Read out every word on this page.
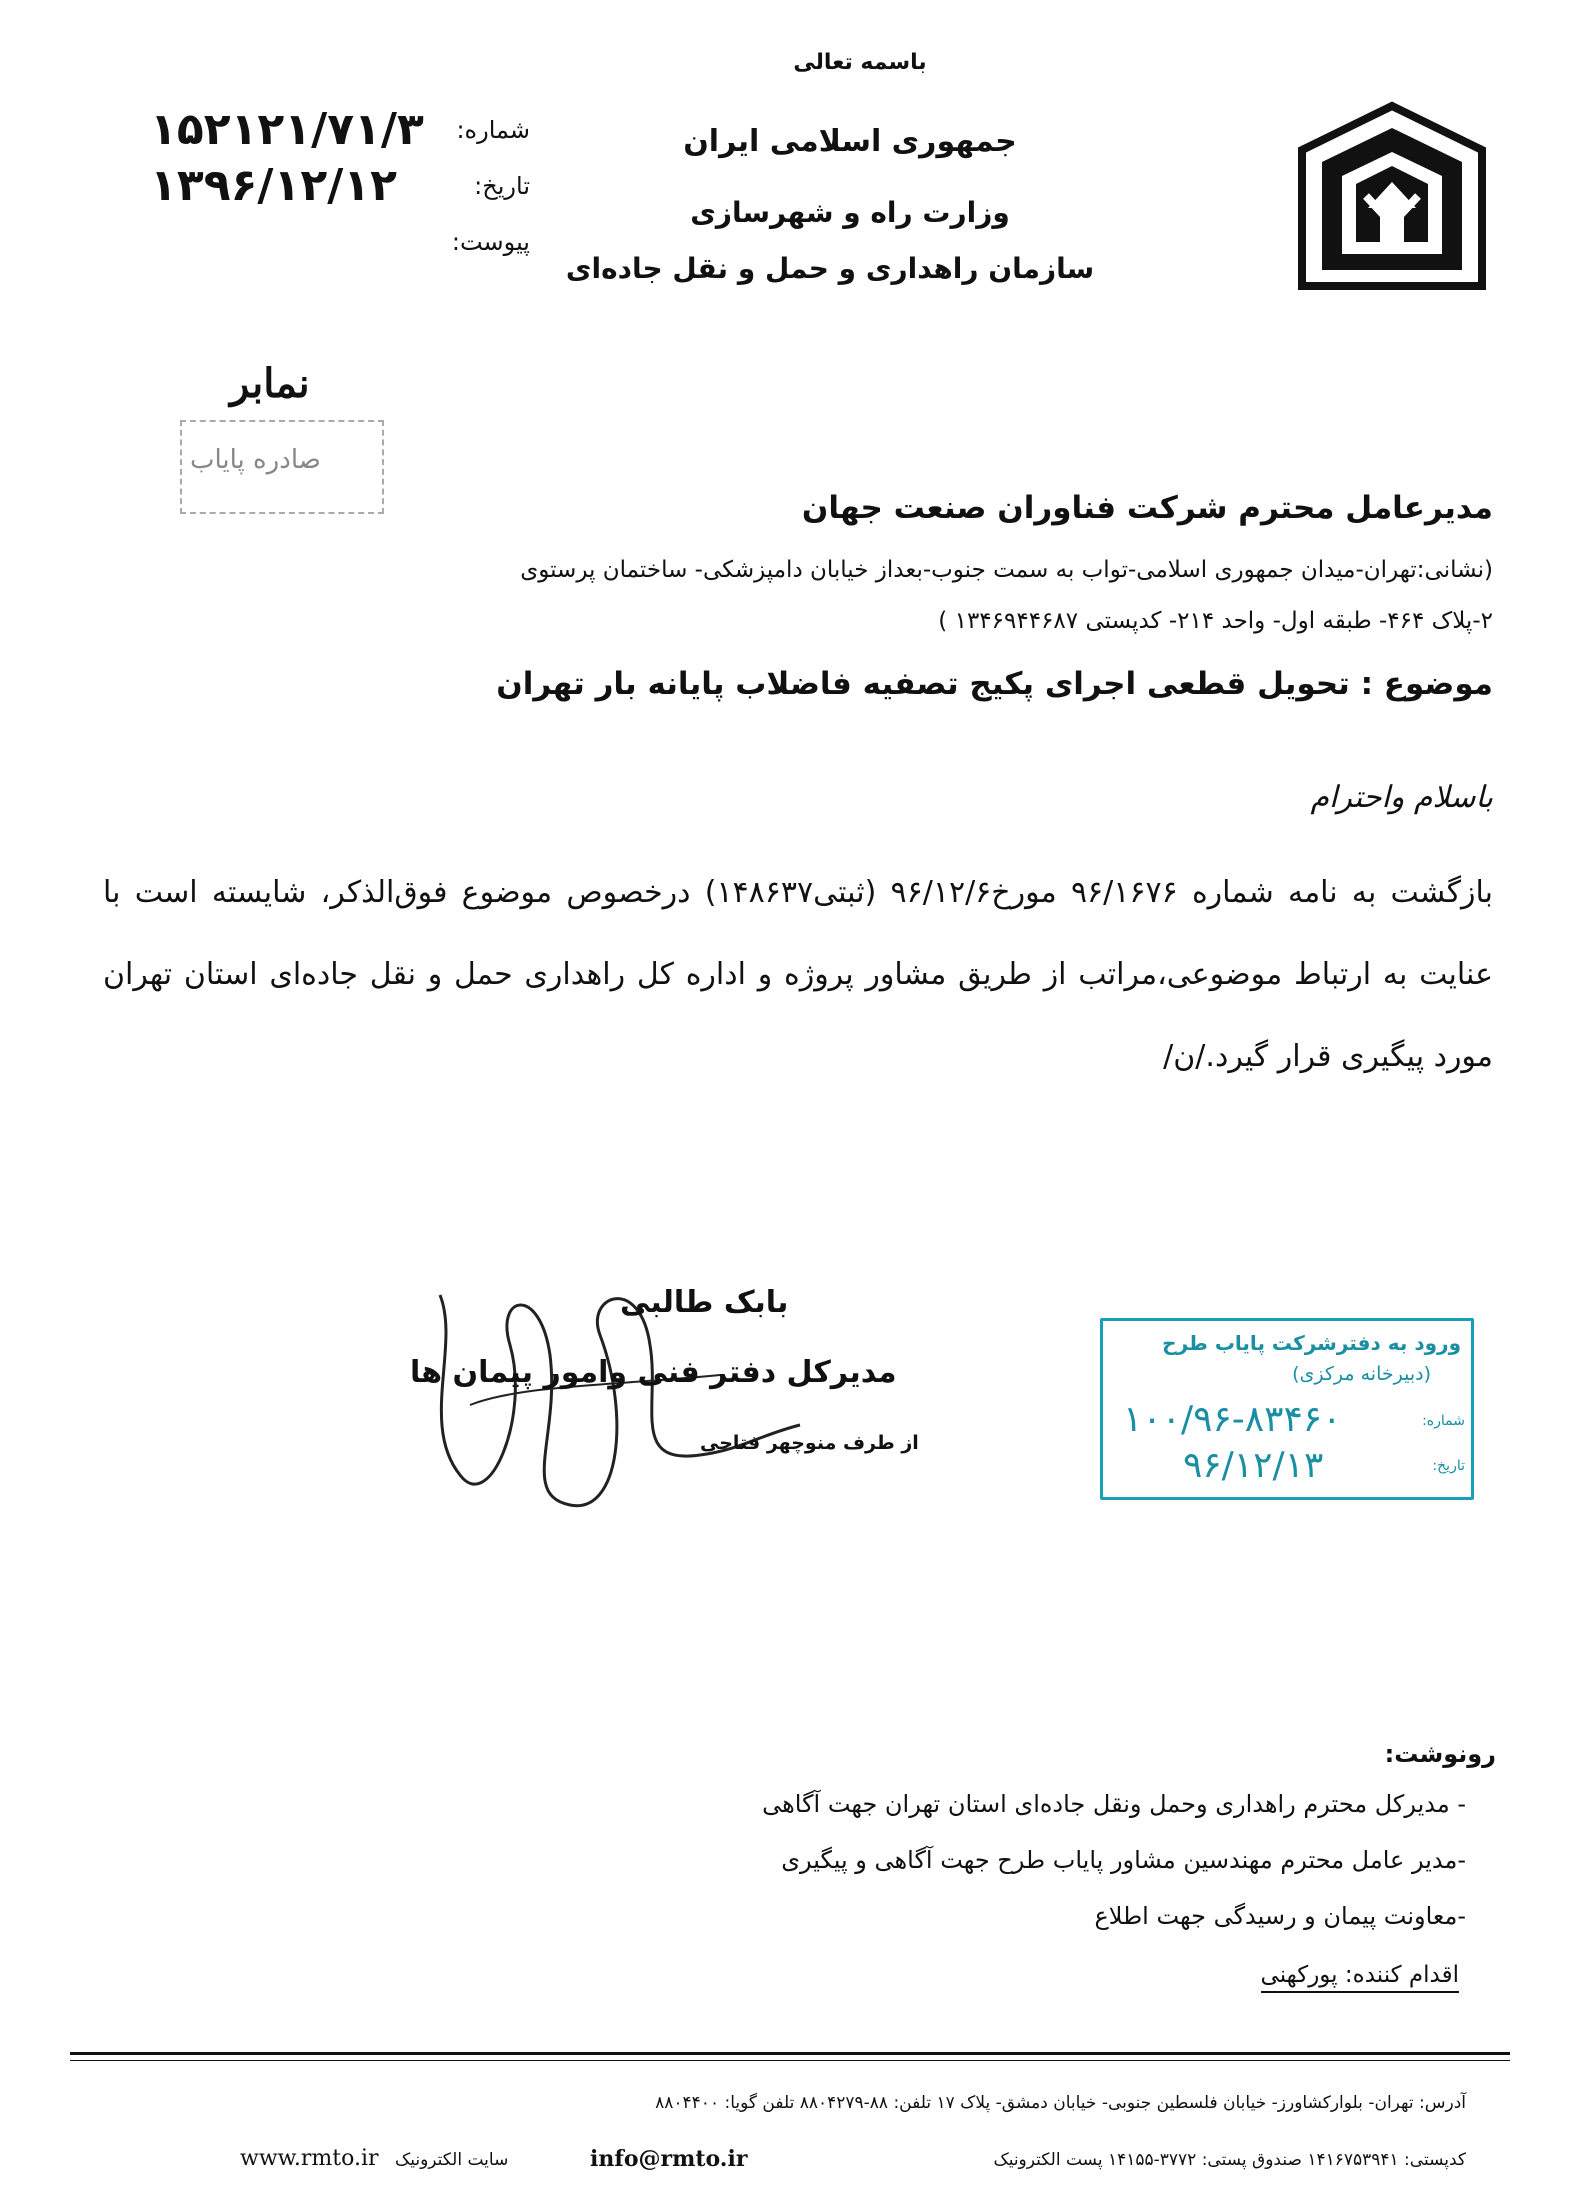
باسمه تعالی
جمهوری اسلامی ایران
وزارت راه و شهرسازی
سازمان راهداری و حمل و نقل جاده‌ای
شماره:
۱۵۲۱۲۱/۷۱/۳
تاریخ:
۱۳۹۶/۱۲/۱۲
پیوست:
نمابر
صادره پایاب
مدیرعامل محترم شرکت فناوران صنعت جهان
(نشانی:تهران-میدان جمهوری اسلامی-تواب به سمت جنوب-بعداز خیابان دامپزشکی- ساختمان پرستوی
۲-پلاک ۴۶۴- طبقه اول- واحد ۲۱۴- کدپستی ۱۳۴۶۹۴۴۶۸۷ )
موضوع : تحویل قطعی اجرای پکیج تصفیه فاضلاب پایانه بار تهران
باسلام واحترام
بازگشت به نامه شماره ۹۶/۱۶۷۶ مورخ۹۶/۱۲/۶ (ثبتی۱۴۸۶۳۷) درخصوص موضوع فوق‌الذکر، شایسته است با عنایت به ارتباط موضوعی،مراتب از طریق مشاور پروژه و اداره کل راهداری حمل و نقل جاده‌ای استان تهران مورد پیگیری قرار گیرد./ن/
بابک طالبی
مدیرکل دفتر فنی وامور پیمان ها
از طرف منوچهر فتاحی
ورود به دفترشرکت پایاب طرح
(دبیرخانه مرکزی)
شماره:
۱۰۰/۹۶-۸۳۴۶۰
تاریخ:
۹۶/۱۲/۱۳
رونوشت:
- مدیرکل محترم راهداری وحمل ونقل جاده‌ای استان تهران جهت آگاهی
-مدیر عامل محترم مهندسین مشاور پایاب طرح جهت آگاهی و پیگیری
-معاونت پیمان و رسیدگی جهت اطلاع
اقدام کننده: پورکهنی
آدرس: تهران- بلوارکشاورز- خیابان فلسطین جنوبی- خیابان دمشق- پلاک ۱۷ تلفن: ۸۸-۸۸۰۴۲۷۹ تلفن گویا: ۸۸۰۴۴۰۰
کدپستی: ۱۴۱۶۷۵۳۹۴۱ صندوق پستی: ۳۷۷۲-۱۴۱۵۵ پست الکترونیک
info@rmto.ir
سایت الکترونیک
www.rmto.ir
